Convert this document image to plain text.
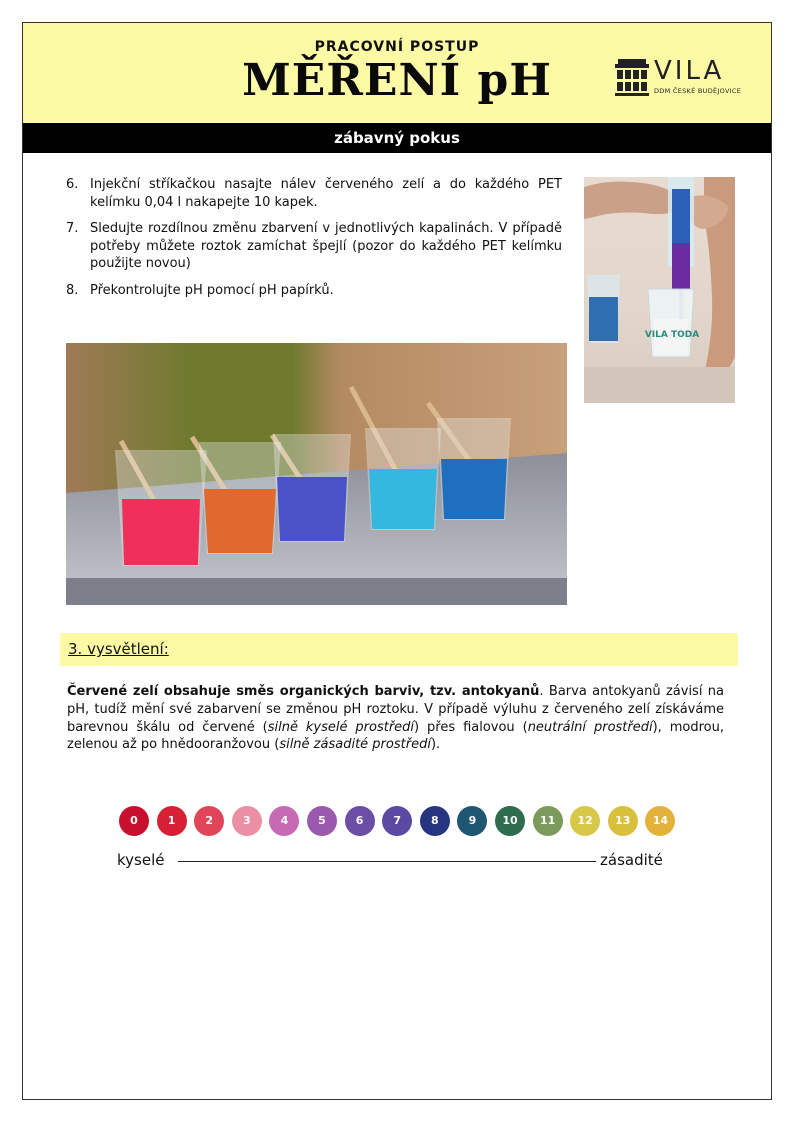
PRACOVNÍ POSTUP
MĚŘENÍ pH	VILA
DDM ČESKÉ BUDĚJOVICE
zábavný pokus
6. Injekční stříkačkou nasajte nálev červeného zelí a do každého PET kelímku 0,04 l nakapejte 10 kapek.
7. Sledujte rozdílnou změnu zbarvení v jednotlivých kapalinách. V případě potřeby můžete roztok zamíchat špejlí (pozor do každého PET kelímku použijte novou)
8. Překontrolujte pH pomocí pH papírků.
VILA TODA
3. vysvětlení:

Červené zelí obsahuje směs organických barviv, tzv. antokyanů. Barva antokyanů závisí na pH, tudíž mění své zabarvení se změnou pH roztoku. V případě výluhu z červeného zelí získáváme barevnou škálu od červené (silně kyselé prostředí) přes fialovou (neutrální prostředí), modrou, zelenou až po hnědooranžovou (silně zásadité prostředí).

0	1	2	3	4	5	6	7	8	9	10	11	12	13	14
kyselé	zásadité
